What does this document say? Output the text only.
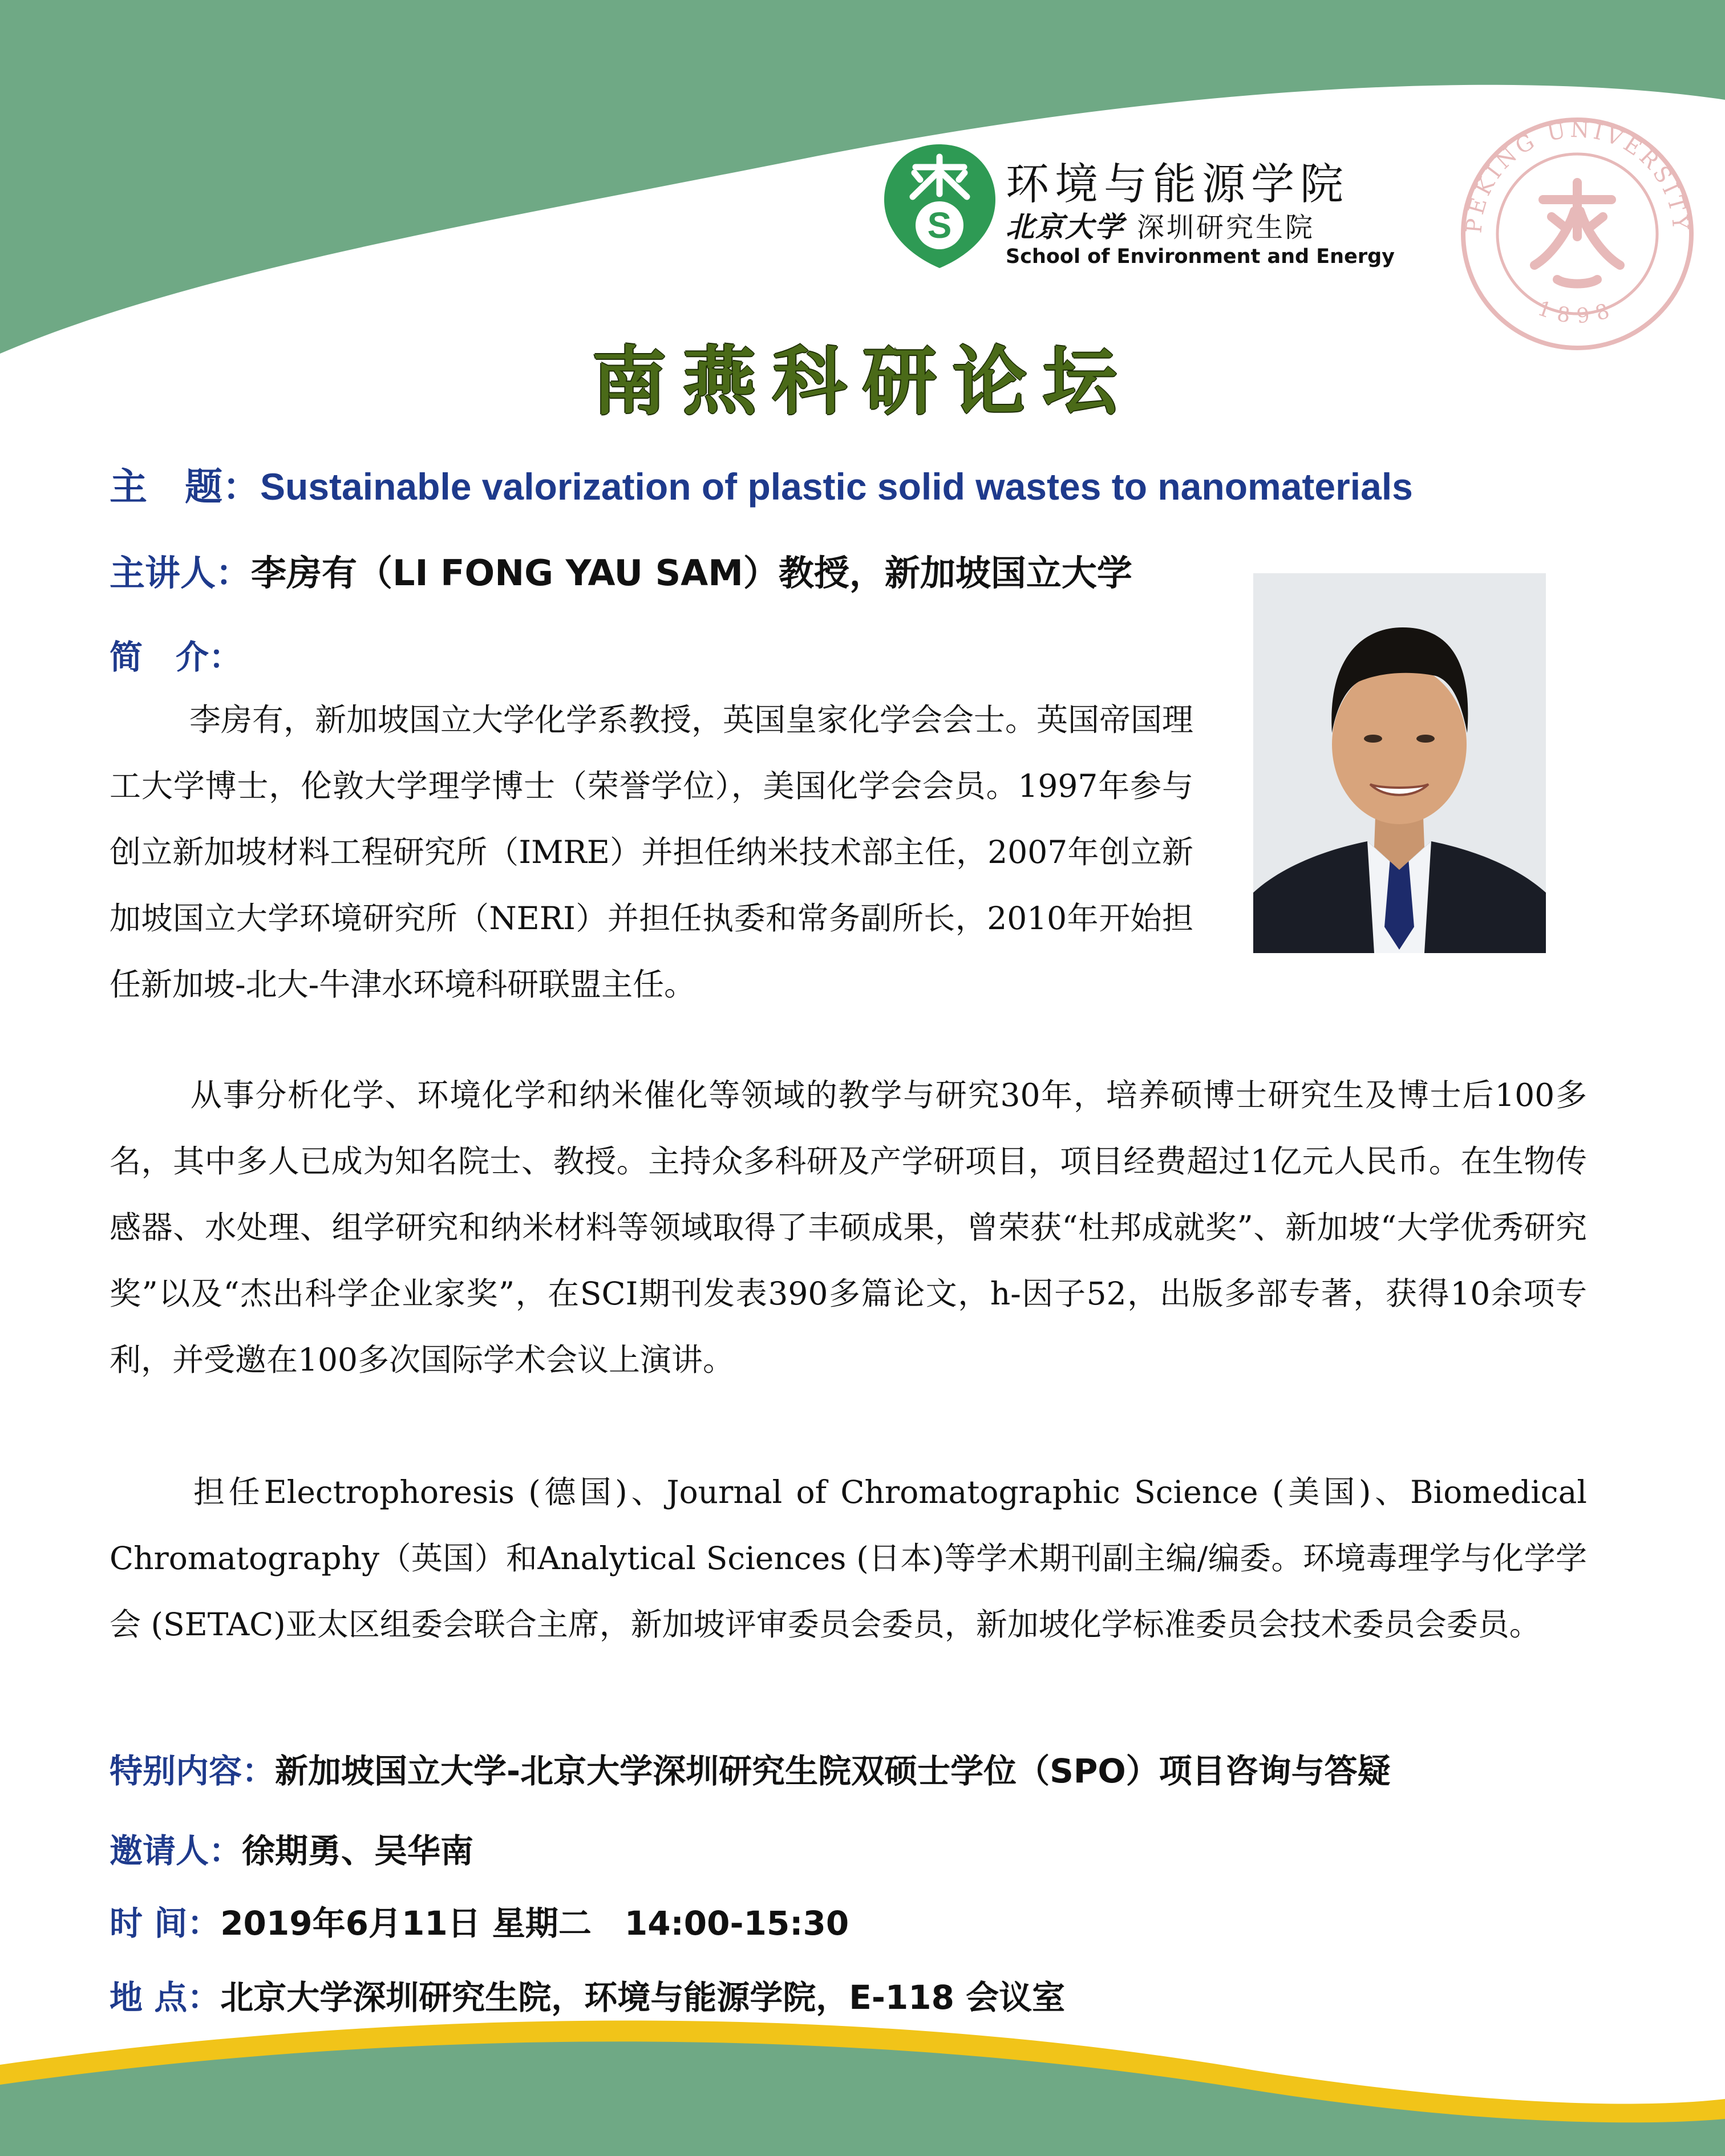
S
环境与能源学院
北京大学 深圳研究生院
School of Environment and Energy
PEKING UNIVERSITY
1898
南燕科研论坛
主　题：Sustainable valorization of plastic solid wastes to nanomaterials
主讲人：李房有（LI FONG YAU SAM）教授，新加坡国立大学
简　介：
李房有，新加坡国立大学化学系教授，英国皇家化学会会士。英国帝国理工大学博士，伦敦大学理学博士（荣誉学位），美国化学会会员。1997年参与创立新加坡材料工程研究所（IMRE）并担任纳米技术部主任，2007年创立新加坡国立大学环境研究所（NERI）并担任执委和常务副所长，2010年开始担任新加坡-北大-牛津水环境科研联盟主任。
从事分析化学、环境化学和纳米催化等领域的教学与研究30年，培养硕博士研究生及博士后100多名，其中多人已成为知名院士、教授。主持众多科研及产学研项目，项目经费超过1亿元人民币。在生物传感器、水处理、组学研究和纳米材料等领域取得了丰硕成果，曾荣获“杜邦成就奖”、新加坡“大学优秀研究奖”以及“杰出科学企业家奖”，在SCI期刊发表390多篇论文，h-因子52，出版多部专著，获得10余项专利，并受邀在100多次国际学术会议上演讲。
担任Electrophoresis (德国)、Journal of Chromatographic Science (美国)、Biomedical Chromatography（英国）和Analytical Sciences (日本)等学术期刊副主编/编委。环境毒理学与化学学会 (SETAC)亚太区组委会联合主席，新加坡评审委员会委员，新加坡化学标准委员会技术委员会委员。
特别内容：新加坡国立大学-北京大学深圳研究生院双硕士学位（SPO）项目咨询与答疑
邀请人：徐期勇、吴华南
时 间：2019年6月11日 星期二　14:00-15:30
地 点：北京大学深圳研究生院，环境与能源学院，E-118 会议室
